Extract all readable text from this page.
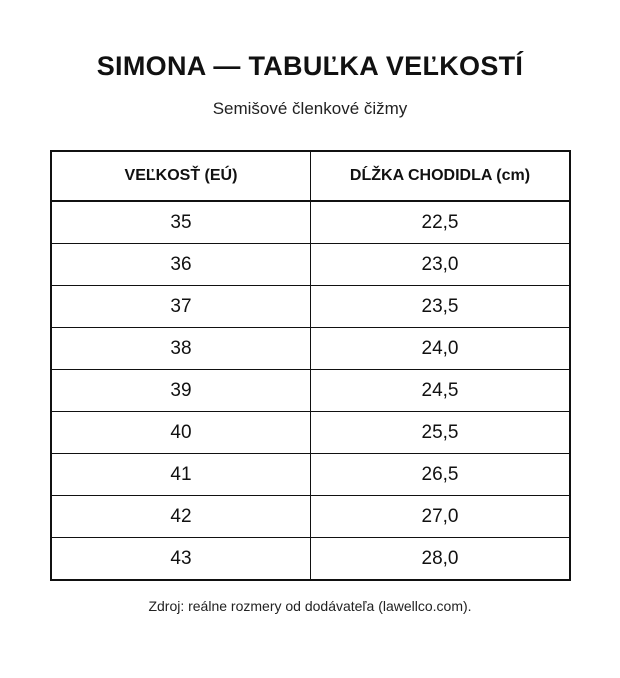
SIMONA — TABUĽKA VEĽKOSTÍ
Semišové členkové čižmy
VEĽKOSŤ (EÚ)	DĹŽKA CHODIDLA (cm)
35	22,5
36	23,0
37	23,5
38	24,0
39	24,5
40	25,5
41	26,5
42	27,0
43	28,0
Zdroj: reálne rozmery od dodávateľa (lawellco.com).
